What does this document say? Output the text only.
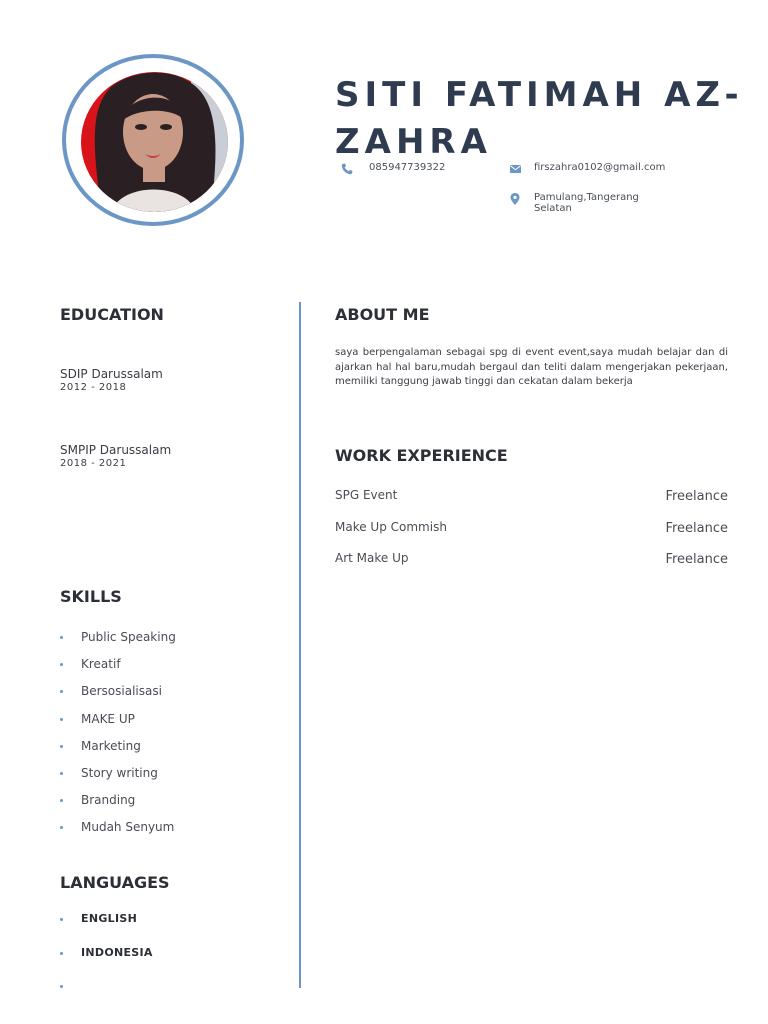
SITI FATIMAH AZ-ZAHRA
085947739322	firszahra0102@gmail.com
Pamulang,Tangerang Selatan
EDUCATION
SDIP Darussalam
2012 - 2018
SMPIP Darussalam
2018 - 2021
SKILLS
Public Speaking
Kreatif
Bersosialisasi
MAKE UP
Marketing
Story writing
Branding
Mudah Senyum
LANGUAGES
ENGLISH
INDONESIA
ABOUT ME

saya berpengalaman sebagai spg di event event,saya mudah belajar dan di ajarkan hal hal baru,mudah bergaul dan teliti dalam mengerjakan pekerjaan, memiliki tanggung jawab tinggi dan cekatan dalam bekerja

WORK EXPERIENCE
SPG Event	Freelance
Make Up Commish	Freelance
Art Make Up	Freelance
